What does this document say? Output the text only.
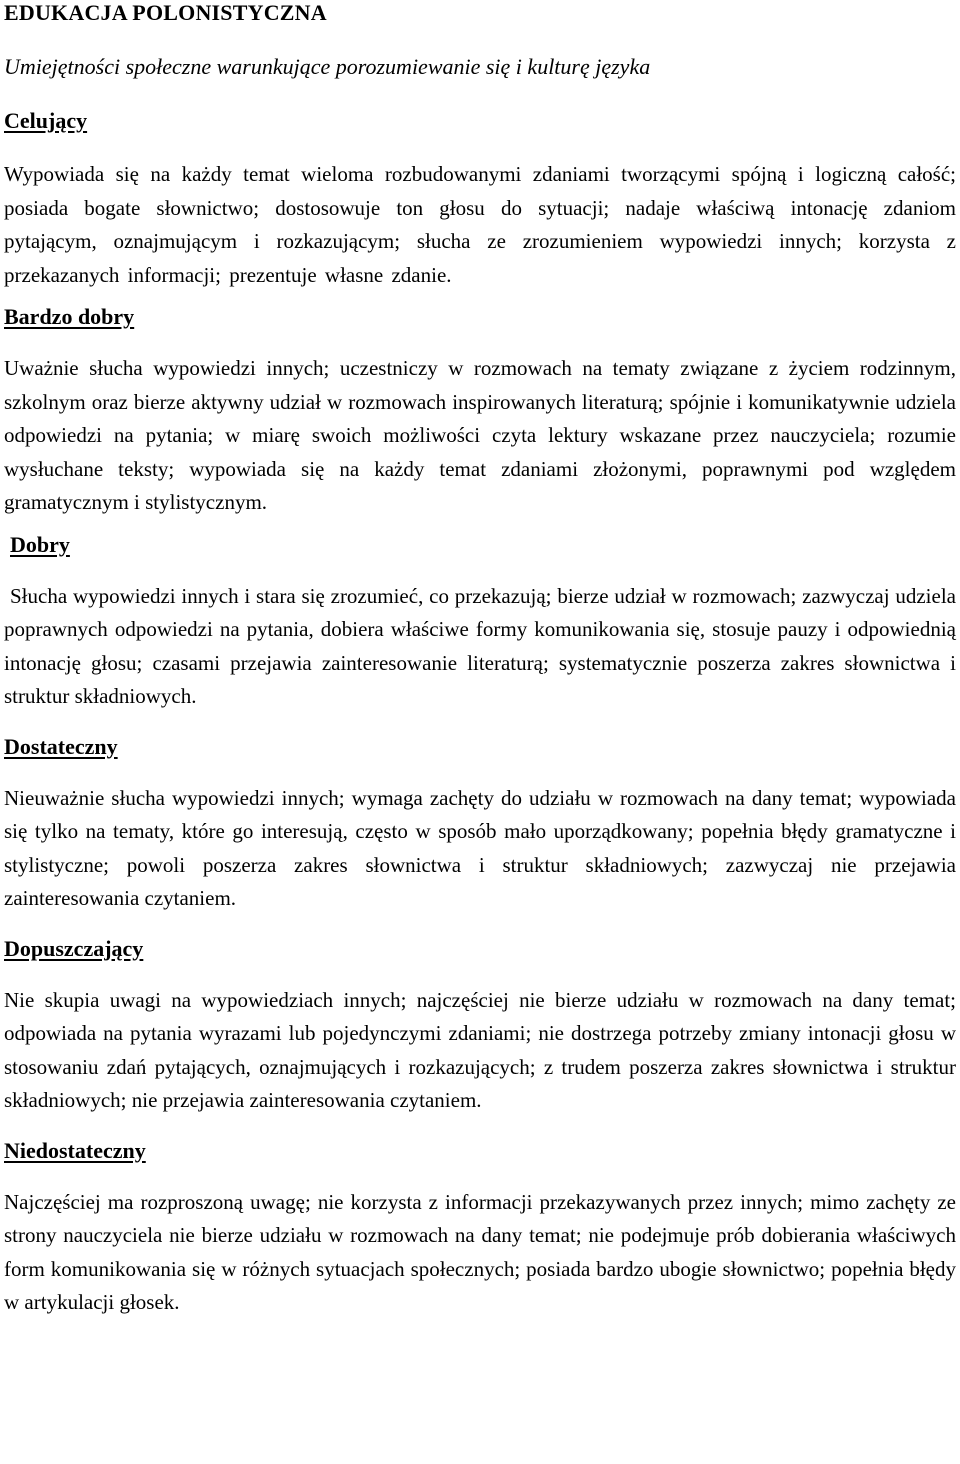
EDUKACJA POLONISTYCZNA

Umiejętności społeczne warunkujące porozumiewanie się i kulturę języka

Celujący

Wypowiada się na każdy temat wieloma rozbudowanymi zdaniami tworzącymi spójną i logiczną całość; posiada bogate słownictwo; dostosowuje ton głosu do sytuacji; nadaje właściwą intonację zdaniom pytającym, oznajmującym i rozkazującym; słucha ze zrozumieniem wypowiedzi innych; korzysta z przekazanych informacji; prezentuje własne zdanie.

Bardzo dobry

Uważnie słucha wypowiedzi innych; uczestniczy w rozmowach na tematy związane z życiem rodzinnym, szkolnym oraz bierze aktywny udział w rozmowach inspirowanych literaturą; spójnie i komunikatywnie udziela odpowiedzi na pytania; w miarę swoich możliwości czyta lektury wskazane przez nauczyciela; rozumie wysłuchane teksty; wypowiada się na każdy temat zdaniami złożonymi, poprawnymi pod względem gramatycznym i stylistycznym.

Dobry

Słucha wypowiedzi innych i stara się zrozumieć, co przekazują; bierze udział w rozmowach; zazwyczaj udziela poprawnych odpowiedzi na pytania, dobiera właściwe formy komunikowania się, stosuje pauzy i odpowiednią intonację głosu; czasami przejawia zainteresowanie literaturą; systematycznie poszerza zakres słownictwa i struktur składniowych.

Dostateczny

Nieuważnie słucha wypowiedzi innych; wymaga zachęty do udziału w rozmowach na dany temat; wypowiada się tylko na tematy, które go interesują, często w sposób mało uporządkowany; popełnia błędy gramatyczne i stylistyczne; powoli poszerza zakres słownictwa i struktur składniowych; zazwyczaj nie przejawia zainteresowania czytaniem.

Dopuszczający

Nie skupia uwagi na wypowiedziach innych; najczęściej nie bierze udziału w rozmowach na dany temat; odpowiada na pytania wyrazami lub pojedynczymi zdaniami; nie dostrzega potrzeby zmiany intonacji głosu w stosowaniu zdań pytających, oznajmujących i rozkazujących; z trudem poszerza zakres słownictwa i struktur składniowych; nie przejawia zainteresowania czytaniem.

Niedostateczny

Najczęściej ma rozproszoną uwagę; nie korzysta z informacji przekazywanych przez innych; mimo zachęty ze strony nauczyciela nie bierze udziału w rozmowach na dany temat; nie podejmuje prób dobierania właściwych form komunikowania się w różnych sytuacjach społecznych; posiada bardzo ubogie słownictwo; popełnia błędy w artykulacji głosek.
